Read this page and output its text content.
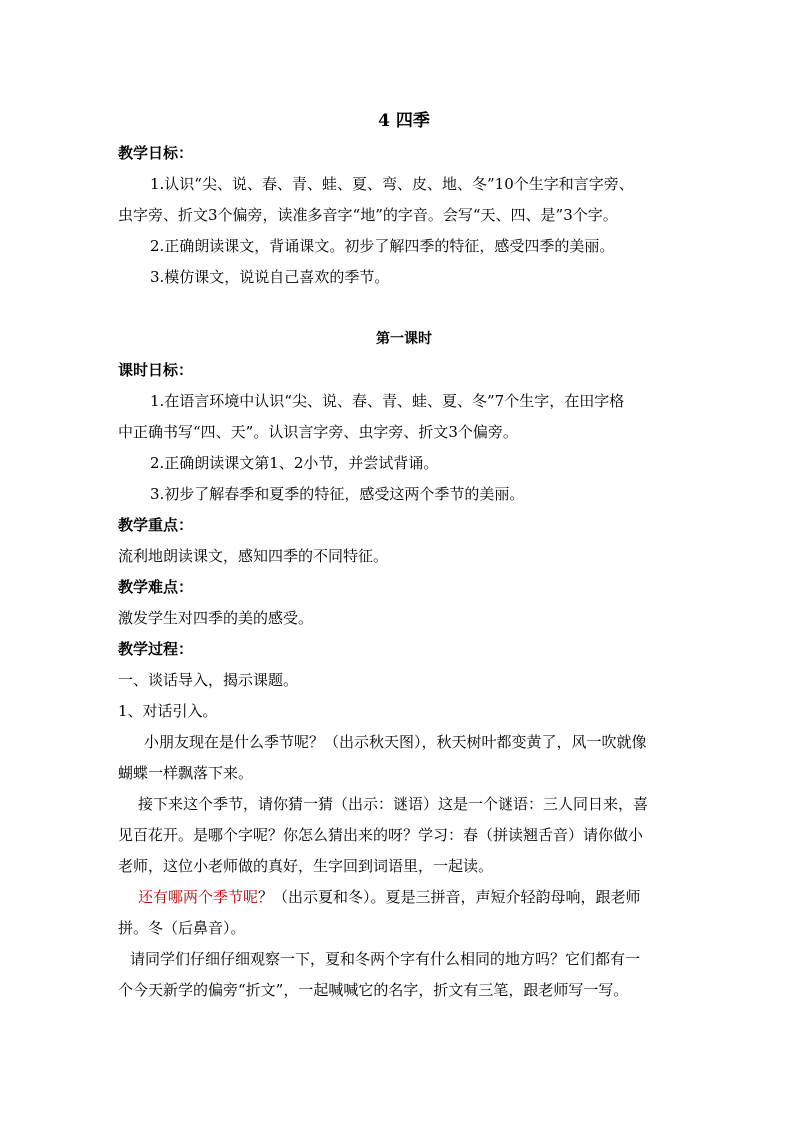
4 四季
教学日标：
1.认识“尖、说、春、青、蛙、夏、弯、皮、地、冬”10个生字和言字旁、
虫字旁、折文3个偏旁，读准多音字“地”的字音。会写“天、四、是”3个字。
2.正确朗读课文，背诵课文。初步了解四季的特征，感受四季的美丽。
3.模仿课文，说说自己喜欢的季节。
第一课时
课时日标：
1.在语言环境中认识“尖、说、春、青、蛙、夏、冬”7个生字，在田字格
中正确书写“四、天”。认识言字旁、虫字旁、折文3个偏旁。
2.正确朗读课文第1、2小节，并尝试背诵。
3.初步了解春季和夏季的特征，感受这两个季节的美丽。
教学重点：
流利地朗读课文，感知四季的不同特征。
教学难点：
激发学生对四季的美的感受。
教学过程：
一、谈话导入，揭示课题。
1、对话引入。
小朋友现在是什么季节呢？（出示秋天图），秋天树叶都变黄了，风一吹就像
蝴蝶一样飘落下来。
接下来这个季节，请你猜一猜（出示：谜语）这是一个谜语：三人同日来，喜
见百花开。是哪个字呢？你怎么猜出来的呀？学习：春（拼读翘舌音）请你做小
老师，这位小老师做的真好，生字回到词语里，一起读。
还有哪两个季节呢？（出示夏和冬）。夏是三拼音，声短介轻韵母响，跟老师
拼。冬（后鼻音）。
请同学们仔细仔细观察一下，夏和冬两个字有什么相同的地方吗？它们都有一
个今天新学的偏旁“折文”，一起喊喊它的名字，折文有三笔，跟老师写一写。
